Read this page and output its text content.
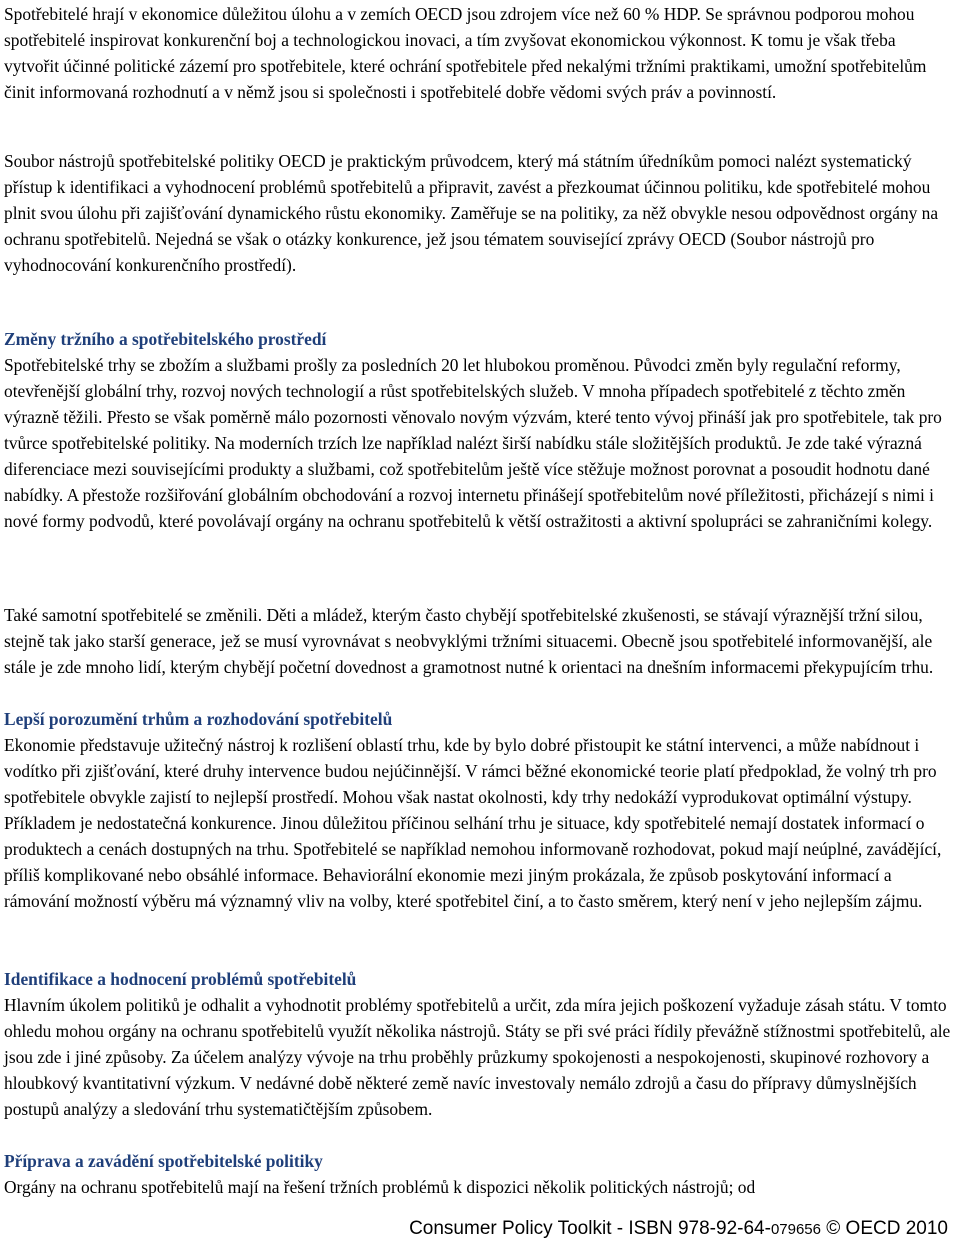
Spotřebitelé hrají v ekonomice důležitou úlohu a v zemích OECD jsou zdrojem více než 60 % HDP. Se správnou podporou mohou spotřebitelé inspirovat konkurenční boj a technologickou inovaci, a tím zvyšovat ekonomickou výkonnost. K tomu je však třeba vytvořit účinné politické zázemí pro spotřebitele, které ochrání spotřebitele před nekalými tržními praktikami, umožní spotřebitelům činit informovaná rozhodnutí a v němž jsou si společnosti i spotřebitelé dobře vědomi svých práv a povinností.

Soubor nástrojů spotřebitelské politiky OECD je praktickým průvodcem, který má státním úředníkům pomoci nalézt systematický přístup k identifikaci a vyhodnocení problémů spotřebitelů a připravit, zavést a přezkoumat účinnou politiku, kde spotřebitelé mohou plnit svou úlohu při zajišťování dynamického růstu ekonomiky. Zaměřuje se na politiky, za něž obvykle nesou odpovědnost orgány na ochranu spotřebitelů. Nejedná se však o otázky konkurence, jež jsou tématem související zprávy OECD (Soubor nástrojů pro vyhodnocování konkurenčního prostředí).

Změny tržního a spotřebitelského prostředí

Spotřebitelské trhy se zbožím a službami prošly za posledních 20 let hlubokou proměnou. Původci změn byly regulační reformy, otevřenější globální trhy, rozvoj nových technologií a růst spotřebitelských služeb. V mnoha případech spotřebitelé z těchto změn výrazně těžili. Přesto se však poměrně málo pozornosti věnovalo novým výzvám, které tento vývoj přináší jak pro spotřebitele, tak pro tvůrce spotřebitelské politiky. Na moderních trzích lze například nalézt širší nabídku stále složitějších produktů. Je zde také výrazná diferenciace mezi souvisejícími produkty a službami, což spotřebitelům ještě více stěžuje možnost porovnat a posoudit hodnotu dané nabídky. A přestože rozšiřování globálním obchodování a rozvoj internetu přinášejí spotřebitelům nové příležitosti, přicházejí s nimi i nové formy podvodů, které povolávají orgány na ochranu spotřebitelů k větší ostražitosti a aktivní spolupráci se zahraničními kolegy.

Také samotní spotřebitelé se změnili. Děti a mládež, kterým často chybějí spotřebitelské zkušenosti, se stávají výraznější tržní silou, stejně tak jako starší generace, jež se musí vyrovnávat s neobvyklými tržními situacemi. Obecně jsou spotřebitelé informovanější, ale stále je zde mnoho lidí, kterým chybějí početní dovednost a gramotnost nutné k orientaci na dnešním informacemi překypujícím trhu.

Lepší porozumění trhům a rozhodování spotřebitelů

Ekonomie představuje užitečný nástroj k rozlišení oblastí trhu, kde by bylo dobré přistoupit ke státní intervenci, a může nabídnout i vodítko při zjišťování, které druhy intervence budou nejúčinnější. V rámci běžné ekonomické teorie platí předpoklad, že volný trh pro spotřebitele obvykle zajistí to nejlepší prostředí. Mohou však nastat okolnosti, kdy trhy nedokáží vyprodukovat optimální výstupy. Příkladem je nedostatečná konkurence. Jinou důležitou příčinou selhání trhu je situace, kdy spotřebitelé nemají dostatek informací o produktech a cenách dostupných na trhu. Spotřebitelé se například nemohou informovaně rozhodovat, pokud mají neúplné, zavádějící, příliš komplikované nebo obsáhlé informace. Behaviorální ekonomie mezi jiným prokázala, že způsob poskytování informací a rámování možností výběru má významný vliv na volby, které spotřebitel činí, a to často směrem, který není v jeho nejlepším zájmu.

Identifikace a hodnocení problémů spotřebitelů

Hlavním úkolem politiků je odhalit a vyhodnotit problémy spotřebitelů a určit, zda míra jejich poškození vyžaduje zásah státu. V tomto ohledu mohou orgány na ochranu spotřebitelů využít několika nástrojů. Státy se při své práci řídily převážně stížnostmi spotřebitelů, ale jsou zde i jiné způsoby. Za účelem analýzy vývoje na trhu proběhly průzkumy spokojenosti a nespokojenosti, skupinové rozhovory a hloubkový kvantitativní výzkum. V nedávné době některé země navíc investovaly nemálo zdrojů a času do přípravy důmyslnějších postupů analýzy a sledování trhu systematičtějším způsobem.

Příprava a zavádění spotřebitelské politiky

Orgány na ochranu spotřebitelů mají na řešení tržních problémů k dispozici několik politických nástrojů; od

Consumer Policy Toolkit - ISBN 978-92-64-079656 © OECD 2010
